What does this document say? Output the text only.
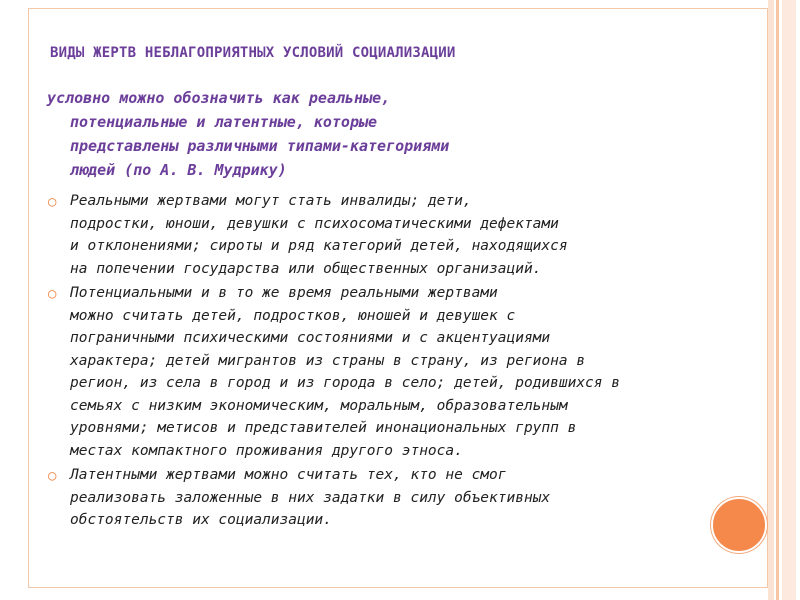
ВИДЫ ЖЕРТВ НЕБЛАГОПРИЯТНЫХ УСЛОВИЙ СОЦИАЛИЗАЦИИ
условно можно обозначить как реальные,
потенциальные и латентные, которые
представлены различными типами-категориями
людей (по А. В. Мудрику)
○ Реальными жертвами могут стать инвалиды; дети,
подростки, юноши, девушки с психосоматическими дефектами
и отклонениями; сироты и ряд категорий детей, находящихся
на попечении государства или общественных организаций.
○ Потенциальными и в то же время реальными жертвами
можно считать детей, подростков, юношей и девушек с
пограничными психическими состояниями и с акцентуациями
характера; детей мигрантов из страны в страну, из региона в
регион, из села в город и из города в село; детей, родившихся в
семьях с низким экономическим, моральным, образовательным
уровнями; метисов и представителей инонациональных групп в
местах компактного проживания другого этноса.
○ Латентными жертвами можно считать тех, кто не смог
реализовать заложенные в них задатки в силу объективных
обстоятельств их социализации.
